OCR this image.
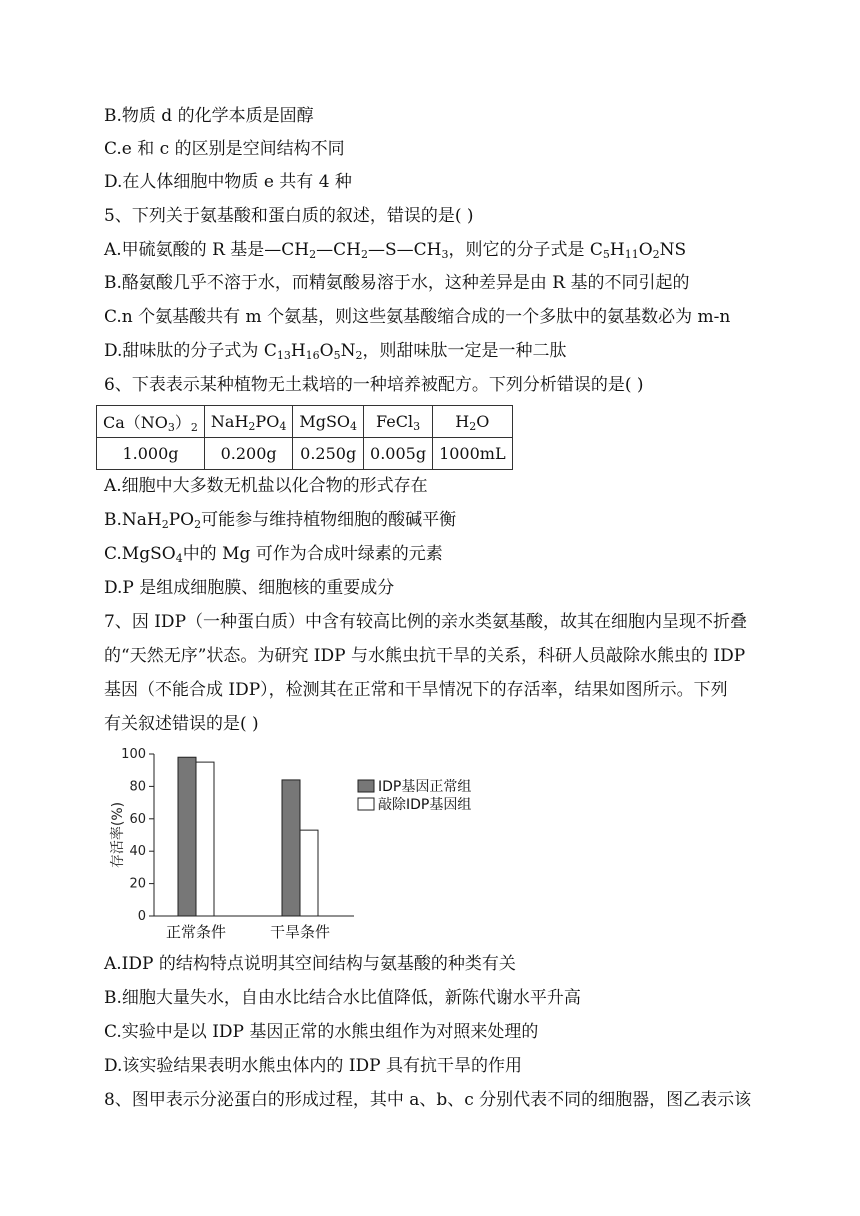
B.物质 d 的化学本质是固醇
C.e 和 c 的区别是空间结构不同
D.在人体细胞中物质 e 共有 4 种
5、下列关于氨基酸和蛋白质的叙述，错误的是( )
A.甲硫氨酸的 R 基是$—CH_2—CH_2—S—CH_3$，则它的分子式是 $C_5H_{11}O_2NS$
B.酪氨酸几乎不溶于水，而精氨酸易溶于水，这种差异是由 R 基的不同引起的
C.n 个氨基酸共有 m 个氨基，则这些氨基酸缩合成的一个多肽中的氨基数必为 m-n
D.甜味肽的分子式为 $C_{13}H_{16}O_5N_2$，则甜味肽一定是一种二肽
6、下表表示某种植物无土栽培的一种培养被配方。下列分析错误的是( )
$Ca(NO_3)_2$	$NaH_2PO_4$	MgSO$_4$	FeCl$_3$	$H_2O$
1.000g	0.200g	0.250g	0.005g	1000mL
A.细胞中大多数无机盐以化合物的形式存在
$B.NaH_2PO_2$可能参与维持植物细胞的酸碱平衡
C.MgSO$_4$中的 Mg 可作为合成叶绿素的元素
D.P 是组成细胞膜、细胞核的重要成分
7、因 IDP（一种蛋白质）中含有较高比例的亲水类氨基酸，故其在细胞内呈现不折叠
的“天然无序”状态。为研究 IDP 与水熊虫抗干旱的关系，科研人员敲除水熊虫的 IDP
基因（不能合成 IDP），检测其在正常和干旱情况下的存活率，结果如图所示。下列
有关叙述错误的是( )
0
20
40
60
80
100
存活率(%)
正常条件	干旱条件
IDP基因正常组
敲除IDP基因组
A.IDP 的结构特点说明其空间结构与氨基酸的种类有关
B.细胞大量失水，自由水比结合水比值降低，新陈代谢水平升高
C.实验中是以 IDP 基因正常的水熊虫组作为对照来处理的
D.该实验结果表明水熊虫体内的 IDP 具有抗干旱的作用
8、图甲表示分泌蛋白的形成过程，其中 a、b、c 分别代表不同的细胞器，图乙表示该
